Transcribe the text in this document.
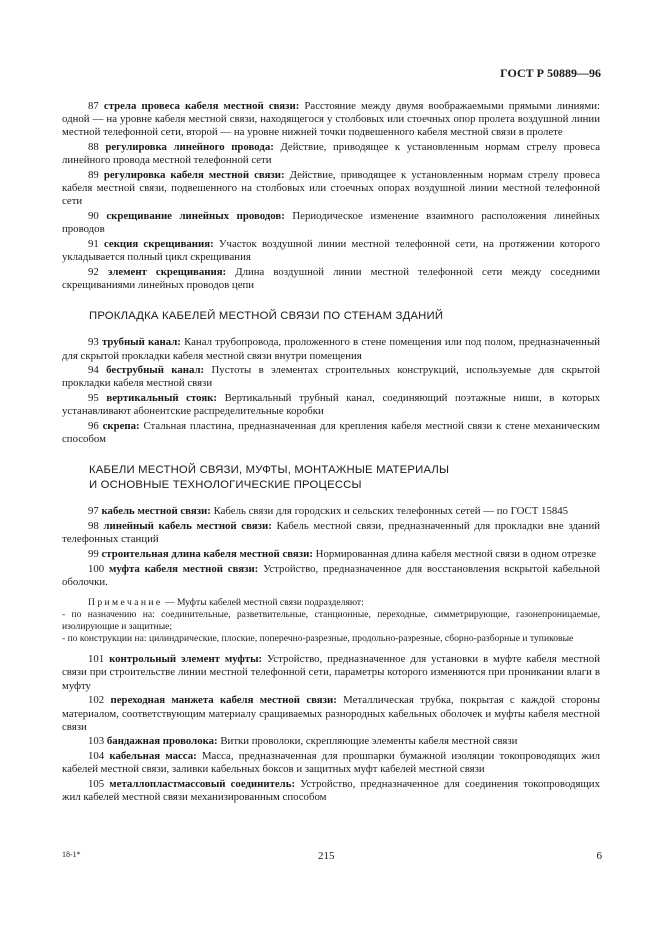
ГОСТ Р 50889—96

87 стрела провеса кабеля местной связи: Расстояние между двумя воображаемыми прямыми линиями: одной — на уровне кабеля местной связи, находящегося у столбовых или стоечных опор пролета воздушной линии местной телефонной сети, второй — на уровне нижней точки подвешенного кабеля местной связи в пролете

88 регулировка линейного провода: Действие, приводящее к установленным нормам стрелу провеса линейного провода местной телефонной сети

89 регулировка кабеля местной связи: Действие, приводящее к установленным нормам стрелу провеса кабеля местной связи, подвешенного на столбовых или стоечных опорах воздушной линии местной телефонной сети

90 скрещивание линейных проводов: Периодическое изменение взаимного расположения линейных проводов

91 секция скрещивания: Участок воздушной линии местной телефонной сети, на протяжении которого укладывается полный цикл скрещивания

92 элемент скрещивания: Длина воздушной линии местной телефонной сети между соседними скрещиваниями линейных проводов цепи

ПРОКЛАДКА КАБЕЛЕЙ МЕСТНОЙ СВЯЗИ ПО СТЕНАМ ЗДАНИЙ

93 трубный канал: Канал трубопровода, проложенного в стене помещения или под полом, предназначенный для скрытой прокладки кабеля местной связи внутри помещения

94 беструбный канал: Пустоты в элементах строительных конструкций, используемые для скрытой прокладки кабеля местной связи

95 вертикальный стояк: Вертикальный трубный канал, соединяющий поэтажные ниши, в которых устанавливают абонентские распределительные коробки

96 скрепа: Стальная пластина, предназначенная для крепления кабеля местной связи к стене механическим способом

КАБЕЛИ МЕСТНОЙ СВЯЗИ, МУФТЫ, МОНТАЖНЫЕ МАТЕРИАЛЫ
И ОСНОВНЫЕ ТЕХНОЛОГИЧЕСКИЕ ПРОЦЕССЫ

97 кабель местной связи: Кабель связи для городских и сельских телефонных сетей — по ГОСТ 15845

98 линейный кабель местной связи: Кабель местной связи, предназначенный для прокладки вне зданий телефонных станций

99 строительная длина кабеля местной связи: Нормированная длина кабеля местной связи в одном отрезке

100 муфта кабеля местной связи: Устройство, предназначенное для восстановления вскрытой кабельной оболочки.

Примечание — Муфты кабелей местной связи подразделяют:
- по назначению на: соединительные, разветвительные, станционные, переходные, симметрирующие, газонепроницаемые, изолирующие и защитные;
- по конструкции на: цилиндрические, плоские, поперечно-разрезные, продольно-разрезные, сборно-разборные и тупиковые

101 контрольный элемент муфты: Устройство, предназначенное для установки в муфте кабеля местной связи при строительстве линии местной телефонной сети, параметры которого изменяются при проникании влаги в муфту

102 переходная манжета кабеля местной связи: Металлическая трубка, покрытая с каждой стороны материалом, соответствующим материалу сращиваемых разнородных кабельных оболочек и муфты кабеля местной связи

103 бандажная проволока: Витки проволоки, скрепляющие элементы кабеля местной связи

104 кабельная масса: Масса, предназначенная для прошпарки бумажной изоляции токопроводящих жил кабелей местной связи, заливки кабельных боксов и защитных муфт кабелей местной связи

105 металлопластмассовый соединитель: Устройство, предназначенное для соединения токопроводящих жил кабелей местной связи механизированным способом

18-1*	215	6
